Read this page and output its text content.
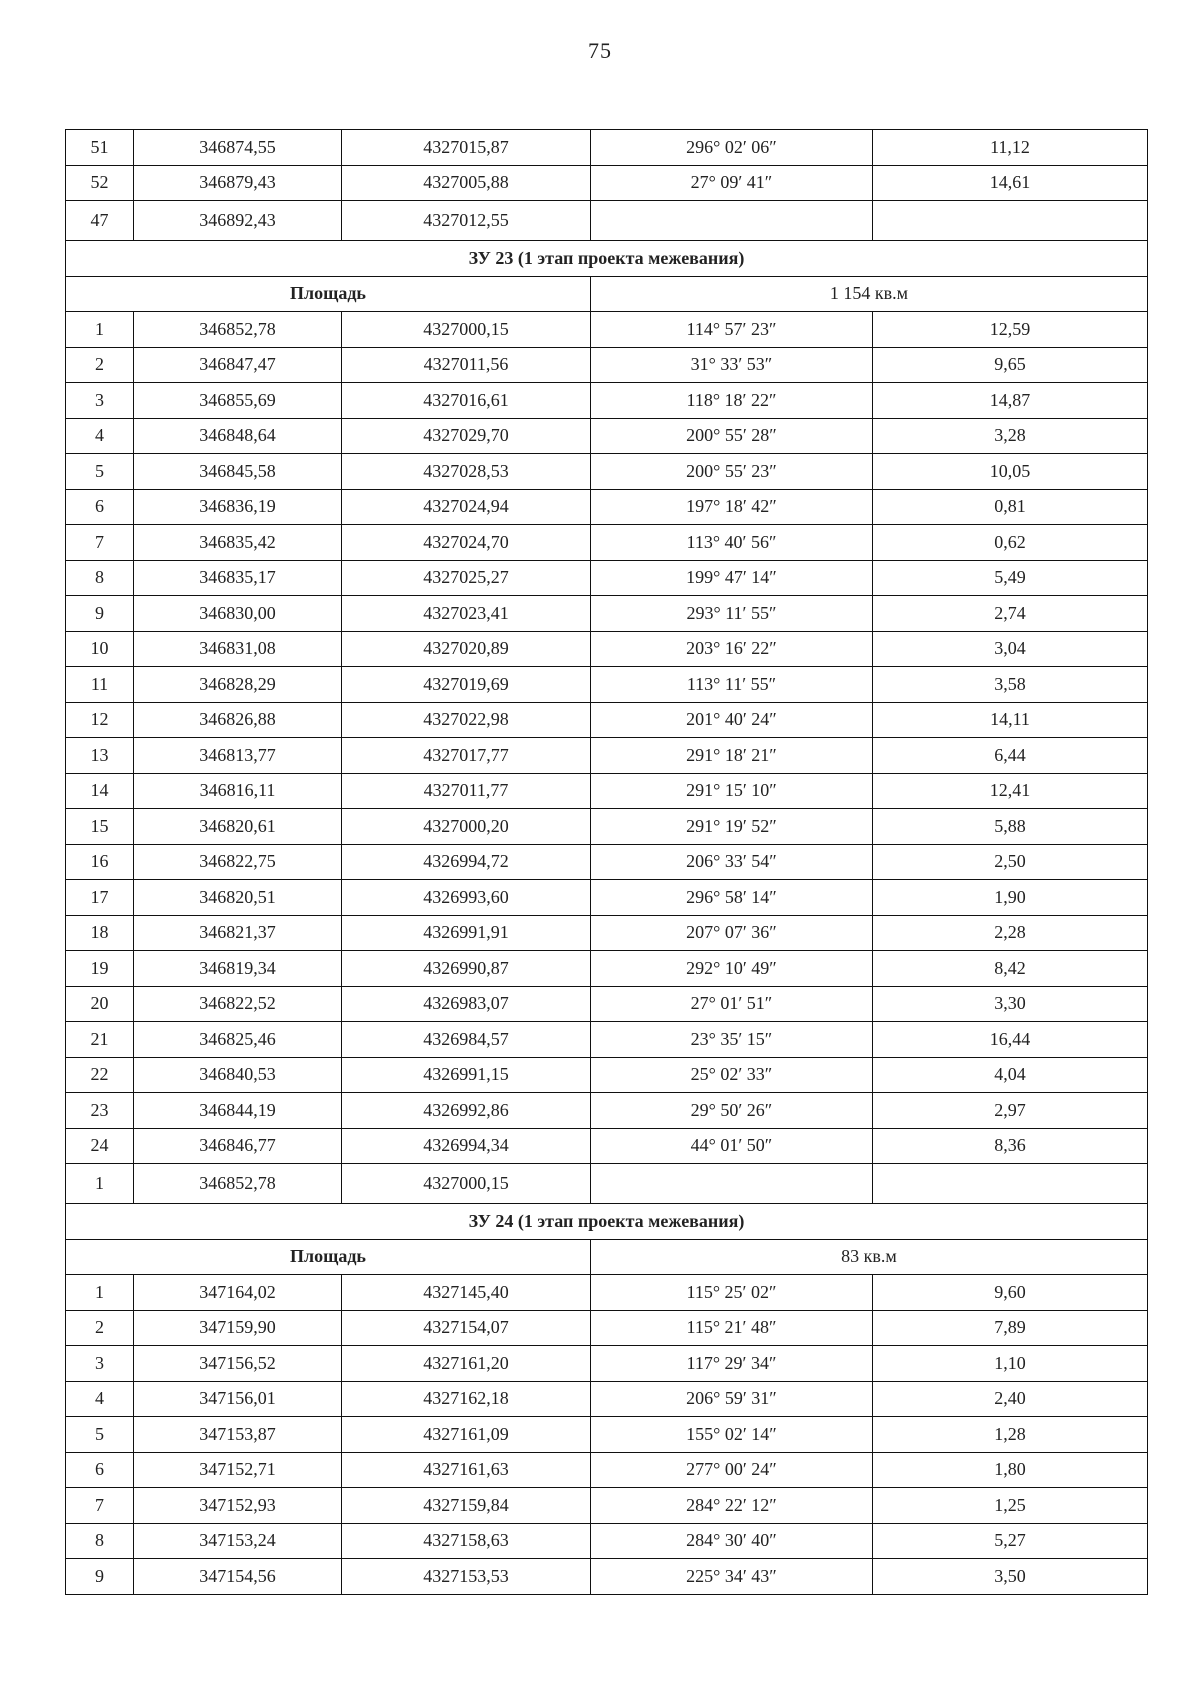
75
51	346874,55	4327015,87	296° 02′ 06″	11,12
52	346879,43	4327005,88	27° 09′ 41″	14,61
47	346892,43	4327012,55		
ЗУ 23 (1 этап проекта межевания)				
Площадь			1 154 кв.м	
1	346852,78	4327000,15	114° 57′ 23″	12,59
2	346847,47	4327011,56	31° 33′ 53″	9,65
3	346855,69	4327016,61	118° 18′ 22″	14,87
4	346848,64	4327029,70	200° 55′ 28″	3,28
5	346845,58	4327028,53	200° 55′ 23″	10,05
6	346836,19	4327024,94	197° 18′ 42″	0,81
7	346835,42	4327024,70	113° 40′ 56″	0,62
8	346835,17	4327025,27	199° 47′ 14″	5,49
9	346830,00	4327023,41	293° 11′ 55″	2,74
10	346831,08	4327020,89	203° 16′ 22″	3,04
11	346828,29	4327019,69	113° 11′ 55″	3,58
12	346826,88	4327022,98	201° 40′ 24″	14,11
13	346813,77	4327017,77	291° 18′ 21″	6,44
14	346816,11	4327011,77	291° 15′ 10″	12,41
15	346820,61	4327000,20	291° 19′ 52″	5,88
16	346822,75	4326994,72	206° 33′ 54″	2,50
17	346820,51	4326993,60	296° 58′ 14″	1,90
18	346821,37	4326991,91	207° 07′ 36″	2,28
19	346819,34	4326990,87	292° 10′ 49″	8,42
20	346822,52	4326983,07	27° 01′ 51″	3,30
21	346825,46	4326984,57	23° 35′ 15″	16,44
22	346840,53	4326991,15	25° 02′ 33″	4,04
23	346844,19	4326992,86	29° 50′ 26″	2,97
24	346846,77	4326994,34	44° 01′ 50″	8,36
1	346852,78	4327000,15		
ЗУ 24 (1 этап проекта межевания)				
Площадь			83 кв.м	
1	347164,02	4327145,40	115° 25′ 02″	9,60
2	347159,90	4327154,07	115° 21′ 48″	7,89
3	347156,52	4327161,20	117° 29′ 34″	1,10
4	347156,01	4327162,18	206° 59′ 31″	2,40
5	347153,87	4327161,09	155° 02′ 14″	1,28
6	347152,71	4327161,63	277° 00′ 24″	1,80
7	347152,93	4327159,84	284° 22′ 12″	1,25
8	347153,24	4327158,63	284° 30′ 40″	5,27
9	347154,56	4327153,53	225° 34′ 43″	3,50
